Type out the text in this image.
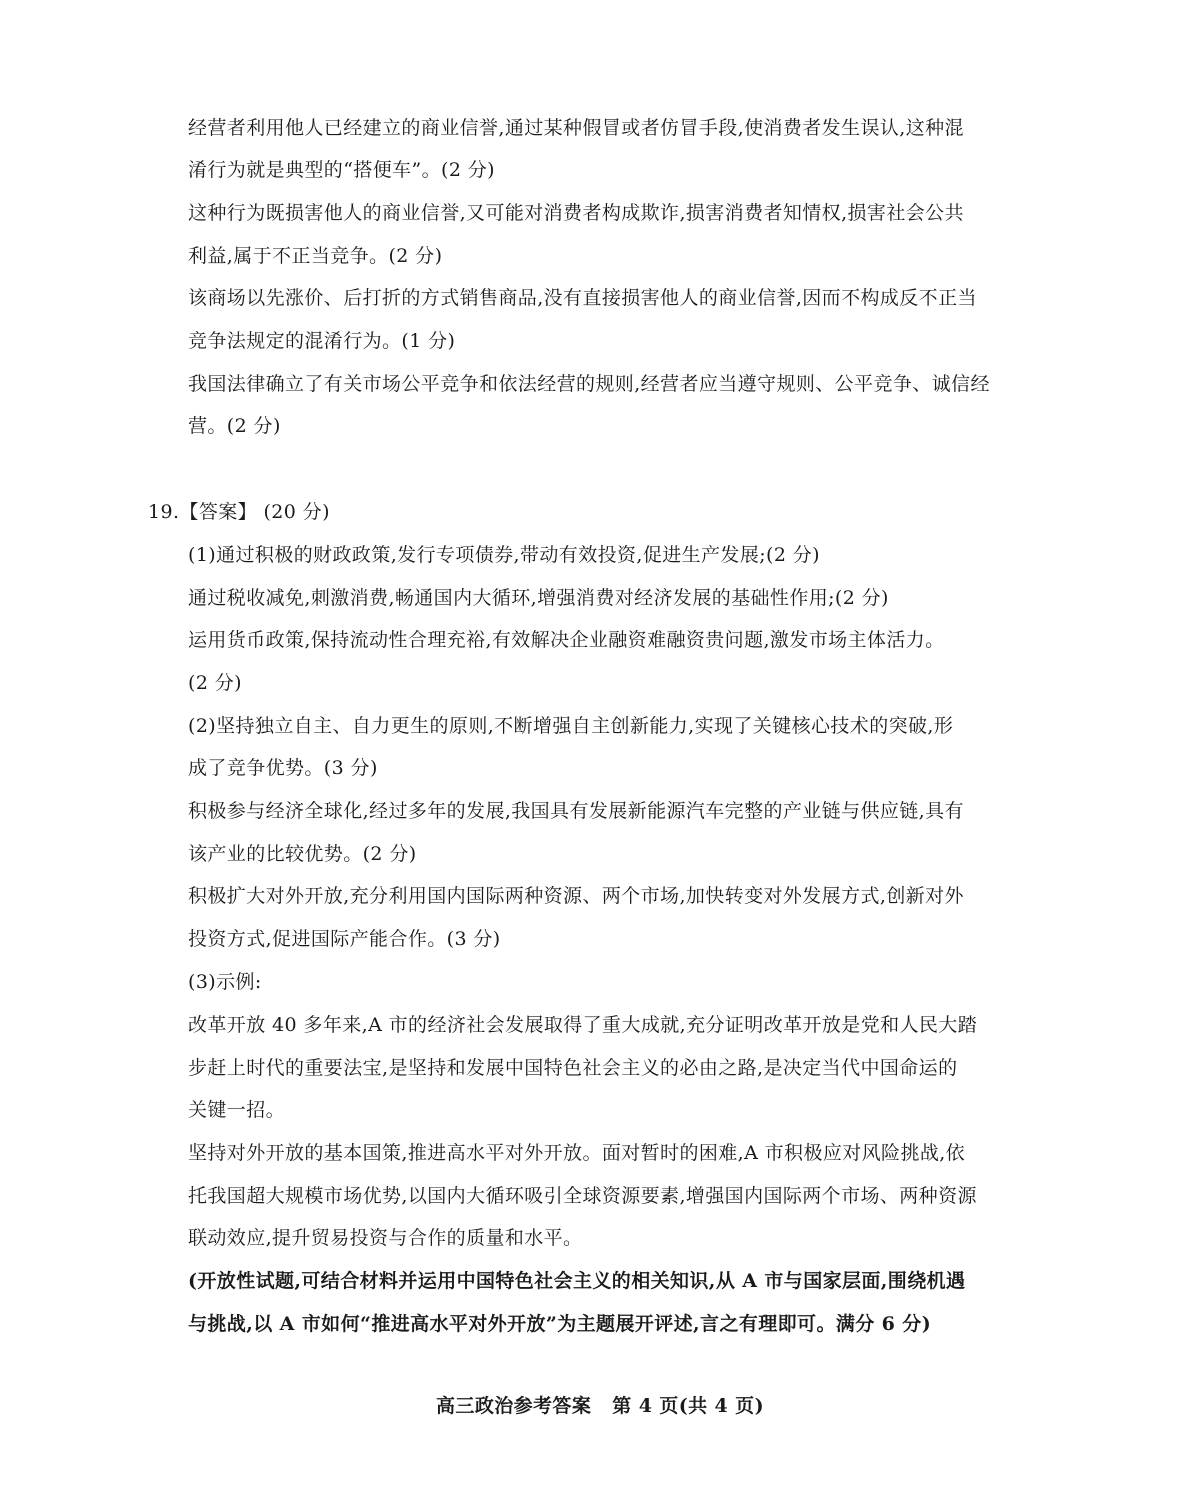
经营者利用他人已经建立的商业信誉,通过某种假冒或者仿冒手段,使消费者发生误认,这种混
淆行为就是典型的“搭便车”。(2 分)
这种行为既损害他人的商业信誉,又可能对消费者构成欺诈,损害消费者知情权,损害社会公共
利益,属于不正当竞争。(2 分)
该商场以先涨价、后打折的方式销售商品,没有直接损害他人的商业信誉,因而不构成反不正当
竞争法规定的混淆行为。(1 分)
我国法律确立了有关市场公平竞争和依法经营的规则,经营者应当遵守规则、公平竞争、诚信经
营。(2 分)
19.【答案】 (20 分)
(1)通过积极的财政政策,发行专项债券,带动有效投资,促进生产发展;(2 分)
通过税收减免,刺激消费,畅通国内大循环,增强消费对经济发展的基础性作用;(2 分)
运用货币政策,保持流动性合理充裕,有效解决企业融资难融资贵问题,激发市场主体活力。
(2 分)
(2)坚持独立自主、自力更生的原则,不断增强自主创新能力,实现了关键核心技术的突破,形
成了竞争优势。(3 分)
积极参与经济全球化,经过多年的发展,我国具有发展新能源汽车完整的产业链与供应链,具有
该产业的比较优势。(2 分)
积极扩大对外开放,充分利用国内国际两种资源、两个市场,加快转变对外发展方式,创新对外
投资方式,促进国际产能合作。(3 分)
(3)示例:
改革开放 40 多年来,A 市的经济社会发展取得了重大成就,充分证明改革开放是党和人民大踏
步赶上时代的重要法宝,是坚持和发展中国特色社会主义的必由之路,是决定当代中国命运的
关键一招。
坚持对外开放的基本国策,推进高水平对外开放。面对暂时的困难,A 市积极应对风险挑战,依
托我国超大规模市场优势,以国内大循环吸引全球资源要素,增强国内国际两个市场、两种资源
联动效应,提升贸易投资与合作的质量和水平。
(开放性试题,可结合材料并运用中国特色社会主义的相关知识,从 A 市与国家层面,围绕机遇
与挑战,以 A 市如何“推进高水平对外开放”为主题展开评述,言之有理即可。满分 6 分)
高三政治参考答案   第 4 页(共 4 页)
